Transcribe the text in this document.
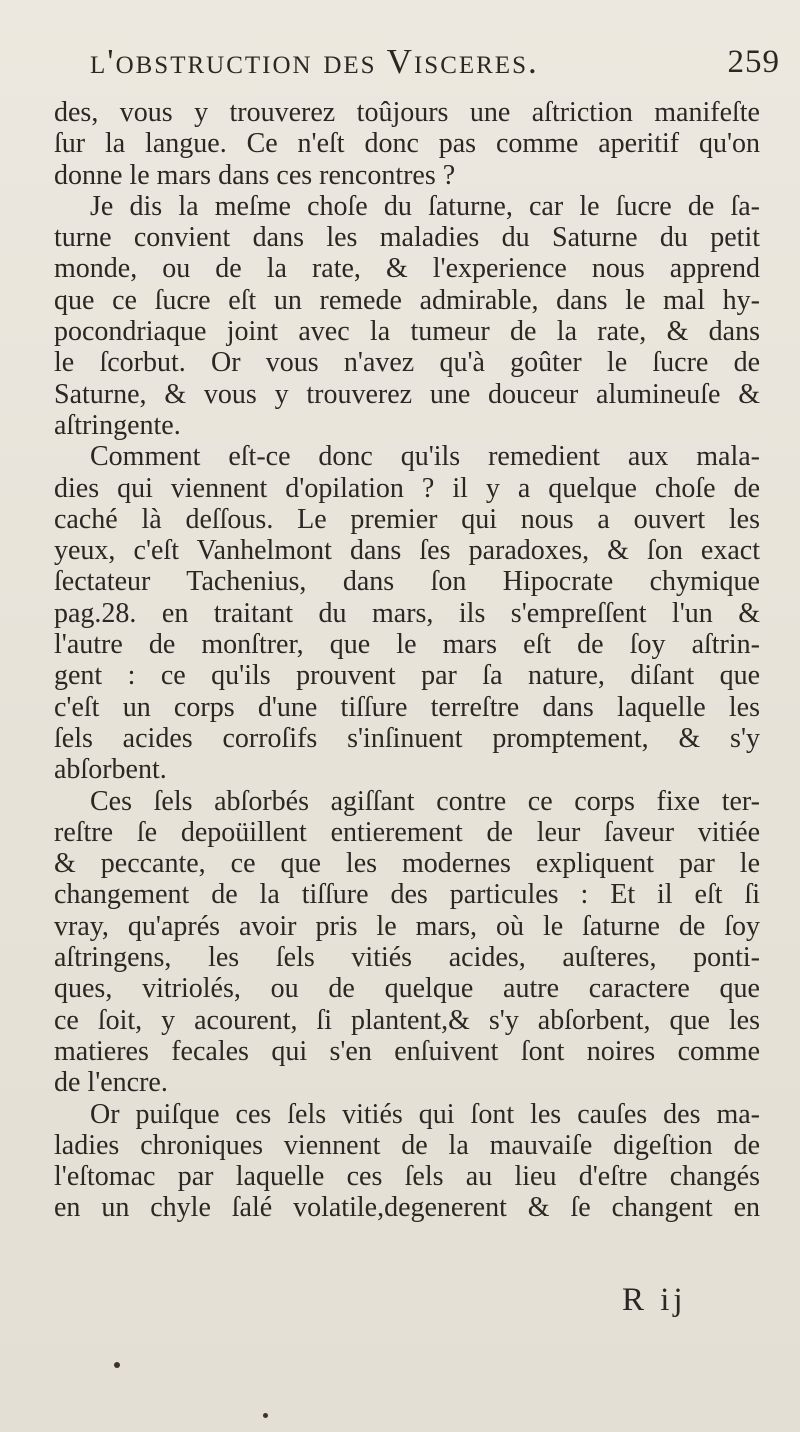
l'obstruction des Visceres.	259
des, vous y trouverez toûjours une aſtriction manifeſte
ſur la langue. Ce n'eſt donc pas comme aperitif qu'on
donne le mars dans ces rencontres ?
Je dis la meſme choſe du ſaturne, car le ſucre de ſa-
turne convient dans les maladies du Saturne du petit
monde, ou de la rate, & l'experience nous apprend
que ce ſucre eſt un remede admirable, dans le mal hy-
pocondriaque joint avec la tumeur de la rate, & dans
le ſcorbut. Or vous n'avez qu'à goûter le ſucre de
Saturne, & vous y trouverez une douceur alumineuſe &
aſtringente.
Comment eſt-ce donc qu'ils remedient aux mala-
dies qui viennent d'opilation ? il y a quelque choſe de
caché là deſſous. Le premier qui nous a ouvert les
yeux, c'eſt Vanhelmont dans ſes paradoxes, & ſon exact
ſectateur Tachenius, dans ſon Hipocrate chymique
pag.28. en traitant du mars, ils s'empreſſent l'un &
l'autre de monſtrer, que le mars eſt de ſoy aſtrin-
gent : ce qu'ils prouvent par ſa nature, diſant que
c'eſt un corps d'une tiſſure terreſtre dans laquelle les
ſels acides corroſifs s'inſinuent promptement, & s'y
abſorbent.
Ces ſels abſorbés agiſſant contre ce corps fixe ter-
reſtre ſe depoüillent entierement de leur ſaveur vitiée
& peccante, ce que les modernes expliquent par le
changement de la tiſſure des particules : Et il eſt ſi
vray, qu'aprés avoir pris le mars, où le ſaturne de ſoy
aſtringens, les ſels vitiés acides, auſteres, ponti-
ques, vitriolés, ou de quelque autre caractere que
ce ſoit, y acourent, ſi plantent,& s'y abſorbent, que les
matieres fecales qui s'en enſuivent ſont noires comme
de l'encre.
Or puiſque ces ſels vitiés qui ſont les cauſes des ma-
ladies chroniques viennent de la mauvaiſe digeſtion de
l'eſtomac par laquelle ces ſels au lieu d'eſtre changés
en un chyle ſalé volatile,degenerent & ſe changent en
R ij
